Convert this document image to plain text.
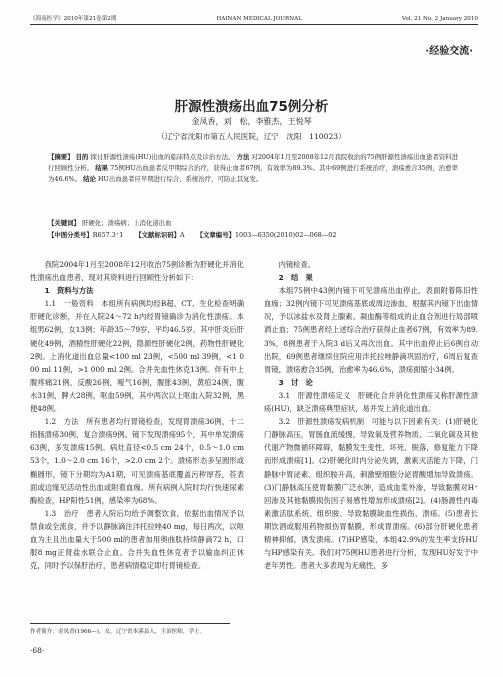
《海南医学》2010年第21卷第2期	HAINAN MEDICAL JOURNAL	Vol. 21 No. 2 January 2010
·经验交流·
肝源性溃疡出血75例分析
金凤香，刘　松，李雅杰，王悦琴
（辽宁省沈阳市第五人民医院，辽宁　沈阳　110023）
【摘要】 目的 探讨肝源性溃疡(HU)出血的临床特点及诊治方法。 方法 对2004年1月至2008年12月我院收治的75例肝源性溃疡出血患者资料进行回顾性分析。 结果 75例HU出血患者反甲期综合治疗，获得止血者67例，有效率为89.3%。其中69例进行系统治疗，溃疡愈合35例，治愈率为46.6%。 结论 HU出血患者应早期进行综合、系统治疗，可防止其复发。
【关键词】 肝硬化；溃疡病；上消化道出血
【中图分类号】R657.3⁺1 【文献标识码】A 【文章编号】1003—6350(2010)02—068—02

我院2004年1月至2008年12月收治75例诊断为肝硬化并消化性溃疡出血患者，现对其资料进行回顾性分析如下：

1　资料与方法

1.1　一般资料　本组所有病例均经B超、CT、生化检查明确肝硬化诊断，并在入院24～72 h内经胃镜确诊为消化性溃疡。本组男62例，女13例；年龄35～79岁，平均46.5岁。其中肝炎后肝硬化49例，酒精性肝硬化22例，隐源性肝硬化2例，药物性肝硬化2例。上消化道出血总量<100 ml 23例，<500 ml 39例，<1 000 ml 11例，>1 000 ml 2例。合并先血性休克13例。伴有中上腹疼痛21例，反酸26例，嗳气16例，腹胀43例，黄疸24例，腹水31例，脾大28例，呕血59例，其中两次以上呕血入院32例，黑便48例。

1.2　方法　所有患者均行胃镜检查，发现胃溃疡36例，十二指肠溃疡30例，复合溃疡9例。镜下发现溃疡95个，其中单发溃疡63例，多发溃疡15例。病灶直径<0.5 cm 24个，0.5～1.0 cm 53个，1.0～2.0 cm 16个，>2.0 cm 2个。溃疡形态多呈圆形或椭圆形，镜下分期均为A1期，可见溃疡基底覆盖污秽厚苔，苔表面或边缘见活动性出血或附着血痂。所有病例入院时均行快速尿素酶检查，HP阳性51例，感染率为68%。

1.3　治疗　患者入院后均给予调整饮食，依据出血情况予以禁食或全流食，并予以静脉滴注泮托拉唑40 mg，每日两次，以呕血为主且出血量大于500 ml的患者加用奥曲肽持续静滴72 h，口服8 mg正肾盐水联合止血。合并失血性休克者予以输血纠正休克，同时予以保肝治疗，患者病情稳定即行胃镜检查。

内镜检查。

2　结　果

本组75例中43例内镜下可见溃疡出血停止，表面附着陈旧性血痂；32例内镜下可见溃疡基底或周边渗血，根据其内镜下出血情况，予以冰盐水及肾上腺素、凝血酶等组成的止血合剂进行局部喷洒止血；75例患者经上述综合治疗获得止血者67例，有效率为89.3%，8例患者于入院3 d后又再次出血。其中出血停止后6例自动出院，69例患者继续住院应用泮托拉唑静滴巩固治疗，6周后复查胃镜，溃疡愈合35例，治愈率为46.6%，溃疡面缩小34例。

3　讨　论

3.1　肝源性溃疡定义　肝硬化合并消化性溃疡又称肝源性溃疡(HU)，缺乏溃疡典型症状，易并发上消化道出血。

3.2　肝源性溃疡发病机制　可能与以下因素有关：(1)肝硬化门静脉高压，胃肠血流缓慢，导致氧及营养物质、二氧化碳及其他代谢产物微循环障碍，黏膜发生变性、坏死、脱落，修复能力下降而形成溃疡[1]。(2)肝硬化时内分泌失调，激素灭活能力下降，门静脉中胃泌素、组织胺升高，刺激壁细胞分泌胃酸增加导致溃疡。(3)门静脉高压使胃黏膜广泛水肿，造成血浆外渗，导致黏膜对H⁺回渗及其他黏膜损伤因子易感性增加形成溃疡[2]。(4)肠源性内毒素激活肽系统、组织胺、导致黏膜缺血性损伤、溃疡。(5)患者长期饮酒或服用药物损伤胃黏膜，形成胃溃疡。(6)部分肝硬化患者精神抑郁，诱发溃疡。(7)HP感染，本组42.9%的发生率支持HU与HP感染有关。我们对75例HU患者进行分析，发现HU好发于中老年男性。患者大多表现为无痛性，多

作者简介：金凤香(1966—)，女，辽宁省本溪县人，主治医师，学士。
·68·
